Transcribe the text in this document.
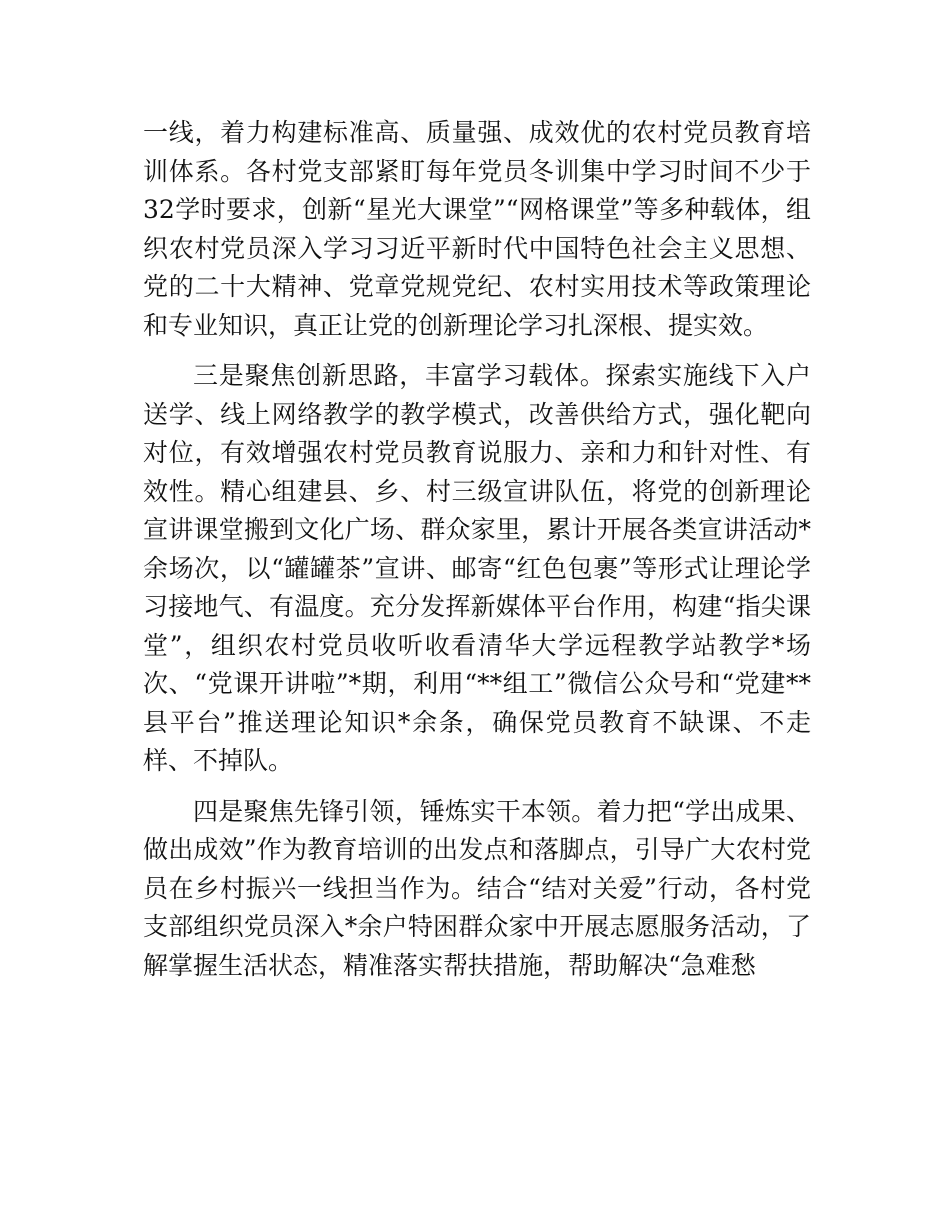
一线，着力构建标准高、质量强、成效优的农村党员教育培训体系。各村党支部紧盯每年党员冬训集中学习时间不少于32学时要求，创新“星光大课堂”“网格课堂”等多种载体，组织农村党员深入学习习近平新时代中国特色社会主义思想、党的二十大精神、党章党规党纪、农村实用技术等政策理论和专业知识，真正让党的创新理论学习扎深根、提实效。

三是聚焦创新思路，丰富学习载体。探索实施线下入户送学、线上网络教学的教学模式，改善供给方式，强化靶向对位，有效增强农村党员教育说服力、亲和力和针对性、有效性。精心组建县、乡、村三级宣讲队伍，将党的创新理论宣讲课堂搬到文化广场、群众家里，累计开展各类宣讲活动*余场次，以“罐罐茶”宣讲、邮寄“红色包裹”等形式让理论学习接地气、有温度。充分发挥新媒体平台作用，构建“指尖课堂”，组织农村党员收听收看清华大学远程教学站教学*场次、“党课开讲啦”*期，利用“**组工”微信公众号和“党建**县平台”推送理论知识*余条，确保党员教育不缺课、不走样、不掉队。

四是聚焦先锋引领，锤炼实干本领。着力把“学出成果、做出成效”作为教育培训的出发点和落脚点，引导广大农村党员在乡村振兴一线担当作为。结合“结对关爱”行动，各村党支部组织党员深入*余户特困群众家中开展志愿服务活动，了解掌握生活状态，精准落实帮扶措施，帮助解决“急难愁
